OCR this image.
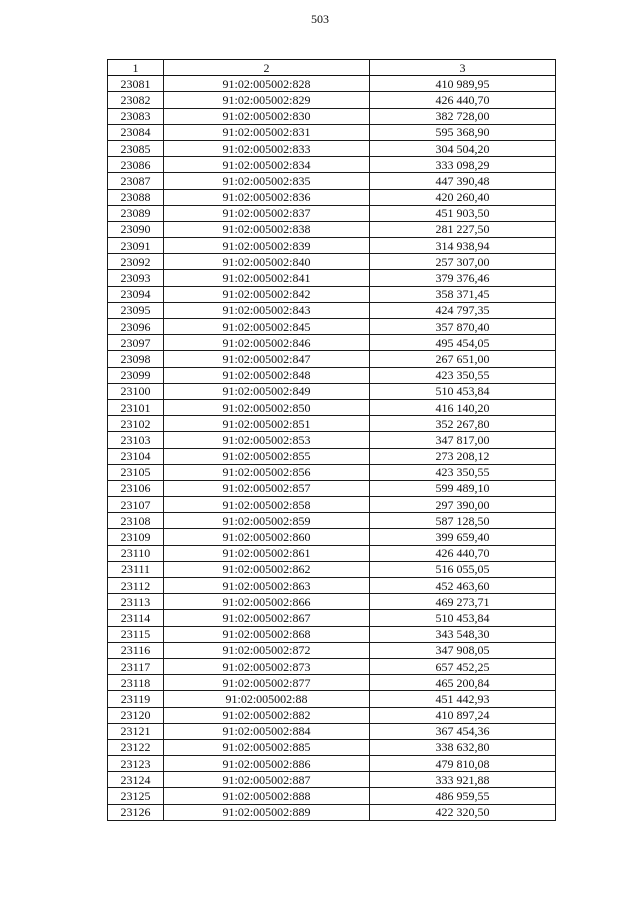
503
1	2	3
23081	91:02:005002:828	410 989,95
23082	91:02:005002:829	426 440,70
23083	91:02:005002:830	382 728,00
23084	91:02:005002:831	595 368,90
23085	91:02:005002:833	304 504,20
23086	91:02:005002:834	333 098,29
23087	91:02:005002:835	447 390,48
23088	91:02:005002:836	420 260,40
23089	91:02:005002:837	451 903,50
23090	91:02:005002:838	281 227,50
23091	91:02:005002:839	314 938,94
23092	91:02:005002:840	257 307,00
23093	91:02:005002:841	379 376,46
23094	91:02:005002:842	358 371,45
23095	91:02:005002:843	424 797,35
23096	91:02:005002:845	357 870,40
23097	91:02:005002:846	495 454,05
23098	91:02:005002:847	267 651,00
23099	91:02:005002:848	423 350,55
23100	91:02:005002:849	510 453,84
23101	91:02:005002:850	416 140,20
23102	91:02:005002:851	352 267,80
23103	91:02:005002:853	347 817,00
23104	91:02:005002:855	273 208,12
23105	91:02:005002:856	423 350,55
23106	91:02:005002:857	599 489,10
23107	91:02:005002:858	297 390,00
23108	91:02:005002:859	587 128,50
23109	91:02:005002:860	399 659,40
23110	91:02:005002:861	426 440,70
23111	91:02:005002:862	516 055,05
23112	91:02:005002:863	452 463,60
23113	91:02:005002:866	469 273,71
23114	91:02:005002:867	510 453,84
23115	91:02:005002:868	343 548,30
23116	91:02:005002:872	347 908,05
23117	91:02:005002:873	657 452,25
23118	91:02:005002:877	465 200,84
23119	91:02:005002:88	451 442,93
23120	91:02:005002:882	410 897,24
23121	91:02:005002:884	367 454,36
23122	91:02:005002:885	338 632,80
23123	91:02:005002:886	479 810,08
23124	91:02:005002:887	333 921,88
23125	91:02:005002:888	486 959,55
23126	91:02:005002:889	422 320,50
